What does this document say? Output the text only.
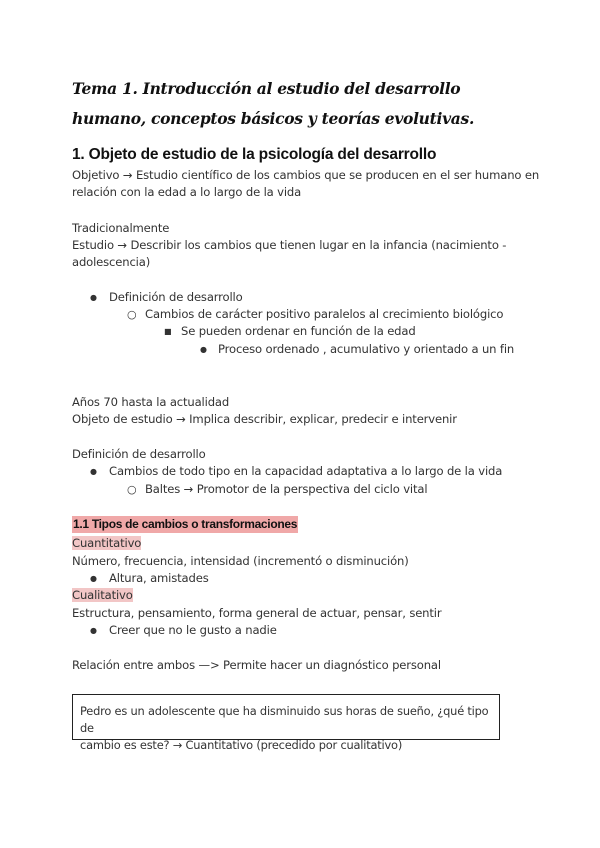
Tema 1. Introducción al estudio del desarrollo humano, conceptos básicos y teorías evolutivas.
1. Objeto de estudio de la psicología del desarrollo
Objetivo → Estudio científico de los cambios que se producen en el ser humano en
relación con la edad a lo largo de la vida
Tradicionalmente
Estudio → Describir los cambios que tienen lugar en la infancia (nacimiento -
adolescencia)
● Definición de desarrollo
○ Cambios de carácter positivo paralelos al crecimiento biológico
■ Se pueden ordenar en función de la edad
● Proceso ordenado , acumulativo y orientado a un fin
Años 70 hasta la actualidad
Objeto de estudio → Implica describir, explicar, predecir e intervenir
Definición de desarrollo
● Cambios de todo tipo en la capacidad adaptativa a lo largo de la vida
○ Baltes → Promotor de la perspectiva del ciclo vital
1.1 Tipos de cambios o transformaciones
Cuantitativo
Número, frecuencia, intensidad (incrementó o disminución)
● Altura, amistades
Cualitativo
Estructura, pensamiento, forma general de actuar, pensar, sentir
● Creer que no le gusto a nadie
Relación entre ambos —> Permite hacer un diagnóstico personal
Pedro es un adolescente que ha disminuido sus horas de sueño, ¿qué tipo de
cambio es este? → Cuantitativo (precedido por cualitativo)
